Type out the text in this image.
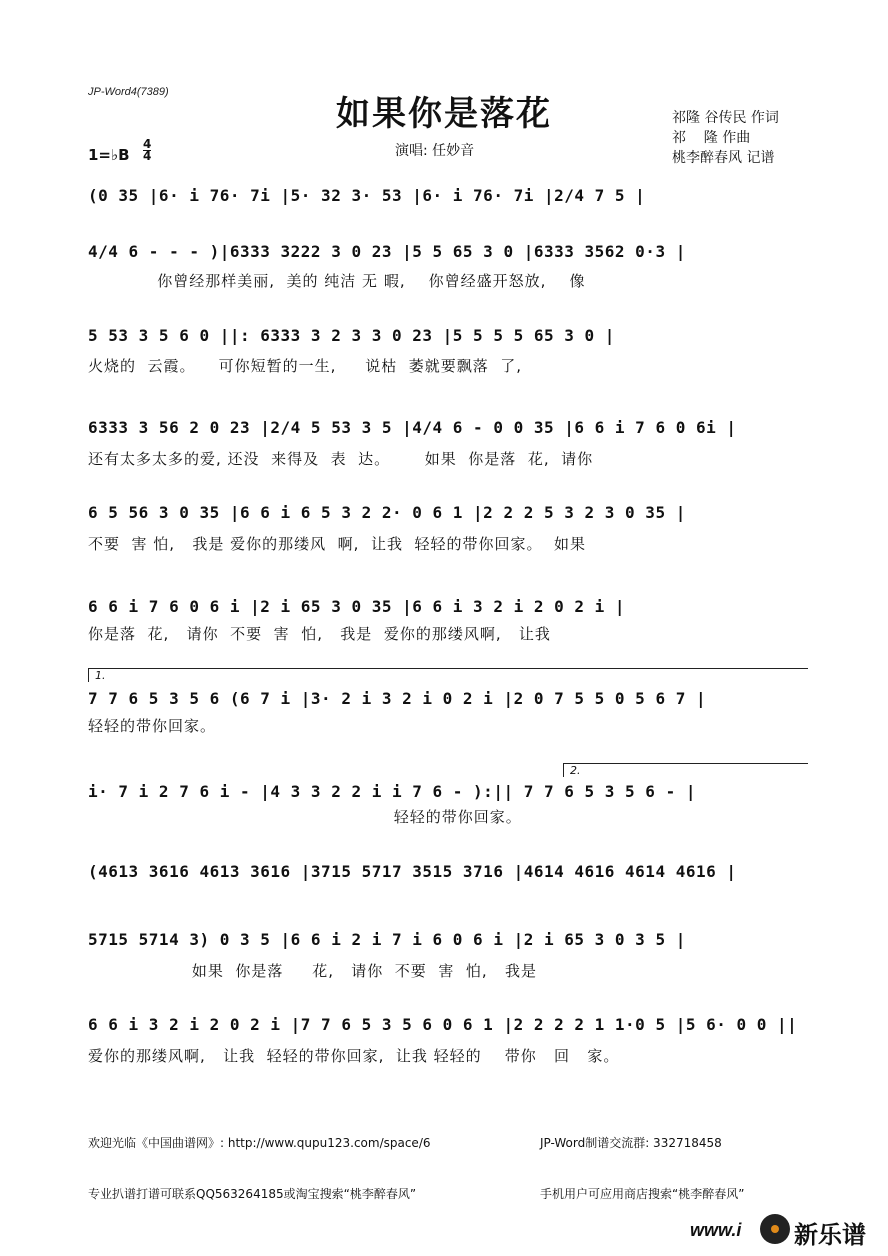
JP-Word4(7389)
如果你是落花	祁隆 谷传民 作词
祁    隆 作曲
桃李醉春风 记谱
1=♭B
4
4	演唱: 任妙音
(0 35 |6· i 76· 7i |5· 32 3· 53 |6· i 76· 7i |2/4 7 5 |
4/4 6 - - - )|6333 3222 3 0 23 |5 5 65 3 0 |6333 3562 0·3 |
你曾经那样美丽,  美的 纯洁 无 暇,    你曾经盛开怒放,    像
5 53 3 5 6 0 ||: 6333 3 2 3 3 0 23 |5 5 5 5 65 3 0 |
火烧的  云霞。    可你短暂的一生,     说枯  萎就要飘落  了,
6333 3 56 2 0 23 |2/4 5 53 3 5 |4/4 6 - 0 0 35 |6 6 i 7 6 0 6i |
还有太多太多的爱, 还没  来得及  表  达。      如果  你是落  花,  请你
6 5 56 3 0 35 |6 6 i 6 5 3 2 2· 0 6 1 |2 2 2 5 3 2 3 0 35 |
不要  害 怕,   我是 爱你的那缕风  啊,  让我  轻轻的带你回家。  如果
6 6 i 7 6 0 6 i |2 i 65 3 0 35 |6 6 i 3 2 i 2 0 2 i |
你是落  花,   请你  不要  害  怕,   我是  爱你的那缕风啊,   让我
1.
7 7 6 5 3 5 6 (6 7 i |3· 2 i 3 2 i 0 2 i |2 0 7 5 5 0 5 6 7 |
轻轻的带你回家。
2.
i· 7 i 2 7 6 i - |4 3 3 2 2 i i 7 6 - ):|| 7 7 6 5 3 5 6 - |
轻轻的带你回家。
(4613 3616 4613 3616 |3715 5717 3515 3716 |4614 4616 4614 4616 |
5715 5714 3) 0 3 5 |6 6 i 2 i 7 i 6 0 6 i |2 i 65 3 0 3 5 |
如果  你是落     花,   请你  不要  害  怕,   我是
6 6 i 3 2 i 2 0 2 i |7 7 6 5 3 5 6 0 6 1 |2 2 2 2 1 1·0 5 |5 6· 0 0 ||
爱你的那缕风啊,   让我  轻轻的带你回家,  让我 轻轻的    带你   回   家。

欢迎光临《中国曲谱网》: http://www.qupu123.com/space/6

专业扒谱打谱可联系QQ563264185或淘宝搜索“桃李醉春风”

JP-Word制谱交流群: 332718458

手机用户可应用商店搜索“桃李醉春风”

www.i 新乐谱
